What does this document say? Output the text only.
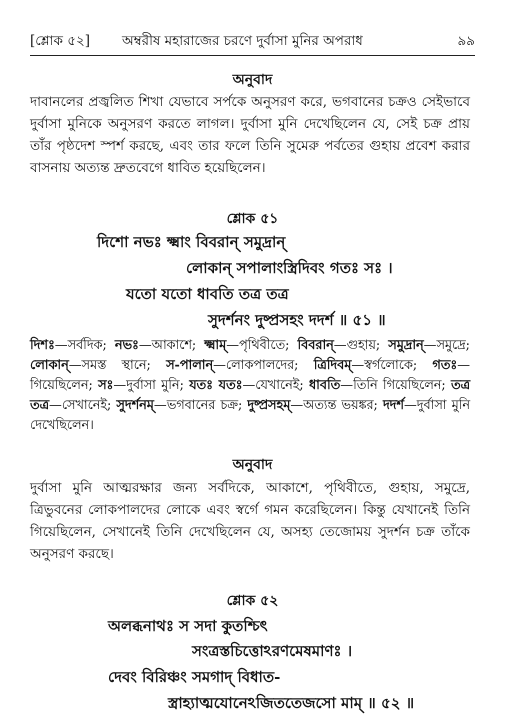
[শ্লোক ৫২] অম্বরীষ মহারাজের চরণে দুর্বাসা মুনির অপরাধ	৯৯
অনুবাদ

দাবানলের প্রজ্বলিত শিখা যেভাবে সর্পকে অনুসরণ করে, ভগবানের চক্রও সেইভাবে দুর্বাসা মুনিকে অনুসরণ করতে লাগল। দুর্বাসা মুনি দেখেছিলেন যে, সেই চক্র প্রায় তাঁর পৃষ্ঠদেশ স্পর্শ করছে, এবং তার ফলে তিনি সুমেরু পর্বতের গুহায় প্রবেশ করার বাসনায় অত্যন্ত দ্রুতবেগে ধাবিত হয়েছিলেন।

শ্লোক ৫১
দিশো নভঃ ক্ষ্মাং বিবরান্ সমুদ্রান্
লোকান্ সপালাংস্ত্রিদিবং গতঃ সঃ ।
যতো যতো ধাবতি তত্র তত্র
সুদর্শনং দুষ্প্রসহং দদর্শ ॥ ৫১ ॥

দিশঃ—সর্বদিক; নভঃ—আকাশে; ক্ষ্মাম্—পৃথিবীতে; বিবরান্—গুহায়; সমুদ্রান্—সমুদ্রে; লোকান্—সমস্ত স্থানে; স-পালান্—লোকপালদের; ত্রিদিবম্—স্বর্গলোকে; গতঃ—গিয়েছিলেন; সঃ—দুর্বাসা মুনি; যতঃ যতঃ—যেখানেই; ধাবতি—তিনি গিয়েছিলেন; তত্র তত্র—সেখানেই; সুদর্শনম্—ভগবানের চক্র; দুষ্প্রসহম্—অত্যন্ত ভয়ঙ্কর; দদর্শ—দুর্বাসা মুনি দেখেছিলেন।

অনুবাদ

দুর্বাসা মুনি আত্মরক্ষার জন্য সর্বদিকে, আকাশে, পৃথিবীতে, গুহায়, সমুদ্রে, ত্রিভুবনের লোকপালদের লোকে এবং স্বর্গে গমন করেছিলেন। কিন্তু যেখানেই তিনি গিয়েছিলেন, সেখানেই তিনি দেখেছিলেন যে, অসহ্য তেজোময় সুদর্শন চক্র তাঁকে অনুসরণ করছে।

শ্লোক ৫২
অলব্ধনাথঃ স সদা কুতশ্চিৎ
সংত্রস্তচিত্তোঽরণমেষমাণঃ ।
দেবং বিরিঞ্চং সমগাদ্ বিধাত-
স্ত্রাহ্যাত্মযোনেঽজিততেজসো মাম্ ॥ ৫২ ॥
